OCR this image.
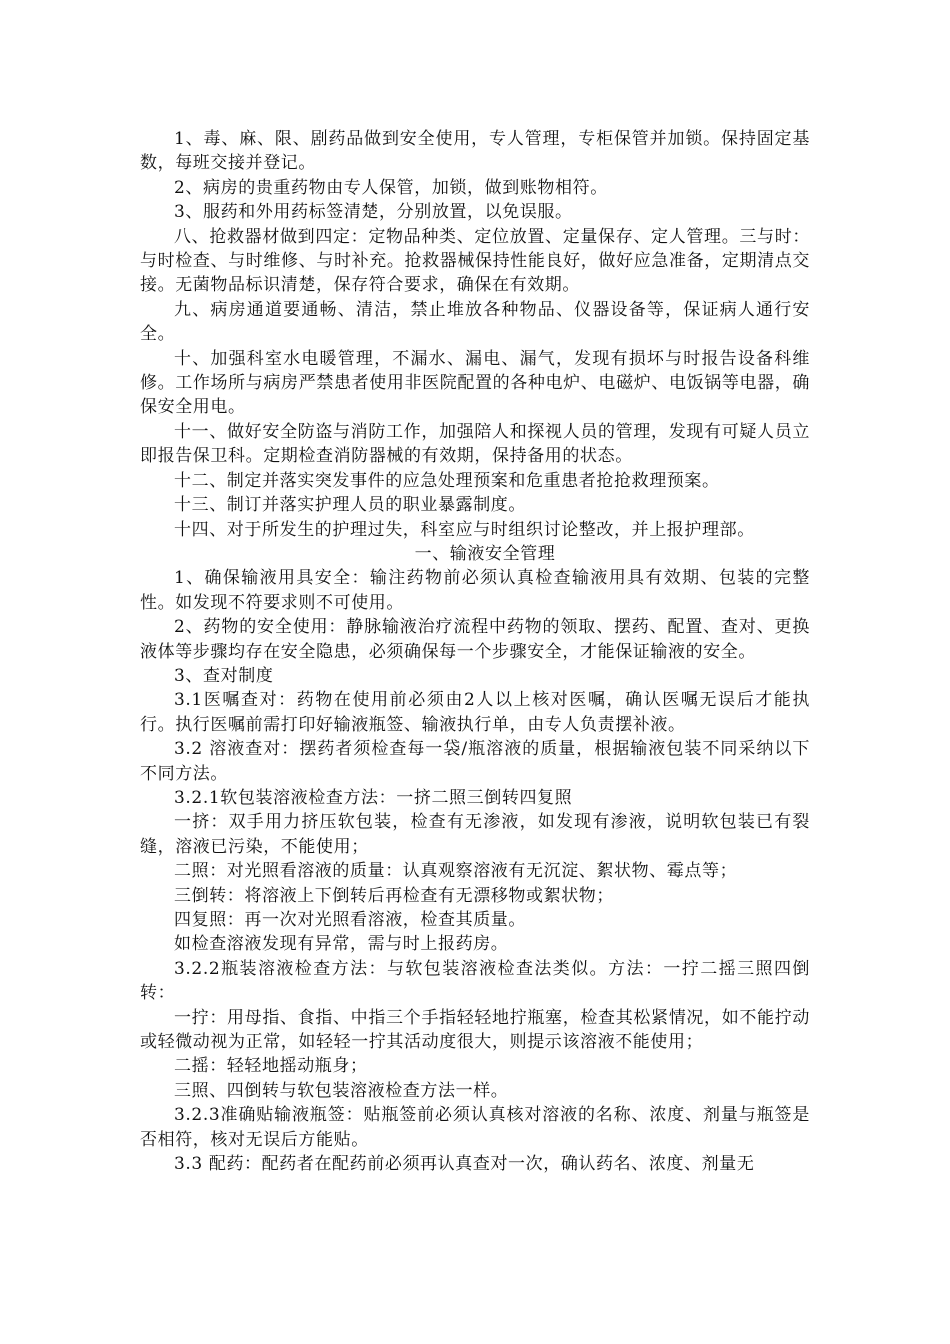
1、毒、麻、限、剧药品做到安全使用，专人管理，专柜保管并加锁。保持固定基数，每班交接并登记。

2、病房的贵重药物由专人保管，加锁，做到账物相符。

3、服药和外用药标签清楚，分别放置，以免误服。

八、抢救器材做到四定：定物品种类、定位放置、定量保存、定人管理。三与时：与时检查、与时维修、与时补充。抢救器械保持性能良好，做好应急准备，定期清点交接。无菌物品标识清楚，保存符合要求，确保在有效期。

九、病房通道要通畅、清洁，禁止堆放各种物品、仪器设备等，保证病人通行安全。

十、加强科室水电暖管理，不漏水、漏电、漏气，发现有损坏与时报告设备科维修。工作场所与病房严禁患者使用非医院配置的各种电炉、电磁炉、电饭锅等电器，确保安全用电。

十一、做好安全防盗与消防工作，加强陪人和探视人员的管理，发现有可疑人员立即报告保卫科。定期检查消防器械的有效期，保持备用的状态。

十二、制定并落实突发事件的应急处理预案和危重患者抢抢救理预案。

十三、制订并落实护理人员的职业暴露制度。

十四、对于所发生的护理过失，科室应与时组织讨论整改，并上报护理部。

一、输液安全管理

1、确保输液用具安全：输注药物前必须认真检查输液用具有效期、包装的完整性。如发现不符要求则不可使用。

2、药物的安全使用：静脉输液治疗流程中药物的领取、摆药、配置、查对、更换液体等步骤均存在安全隐患，必须确保每一个步骤安全，才能保证输液的安全。

3、查对制度

3.1医嘱查对：药物在使用前必须由2人以上核对医嘱，确认医嘱无误后才能执行。执行医嘱前需打印好输液瓶签、输液执行单，由专人负责摆补液。

3.2 溶液查对：摆药者须检查每一袋/瓶溶液的质量，根据输液包装不同采纳以下不同方法。

3.2.1软包装溶液检查方法：一挤二照三倒转四复照

一挤：双手用力挤压软包装，检查有无渗液，如发现有渗液，说明软包装已有裂缝，溶液已污染，不能使用；

二照：对光照看溶液的质量：认真观察溶液有无沉淀、絮状物、霉点等；

三倒转：将溶液上下倒转后再检查有无漂移物或絮状物；

四复照：再一次对光照看溶液，检查其质量。

如检查溶液发现有异常，需与时上报药房。

3.2.2瓶装溶液检查方法：与软包装溶液检查法类似。方法：一拧二摇三照四倒转：

一拧：用母指、食指、中指三个手指轻轻地拧瓶塞，检查其松紧情况，如不能拧动或轻微动视为正常，如轻轻一拧其活动度很大，则提示该溶液不能使用；

二摇：轻轻地摇动瓶身；

三照、四倒转与软包装溶液检查方法一样。

3.2.3准确贴输液瓶签：贴瓶签前必须认真核对溶液的名称、浓度、剂量与瓶签是否相符，核对无误后方能贴。

3.3 配药：配药者在配药前必须再认真查对一次，确认药名、浓度、剂量无
